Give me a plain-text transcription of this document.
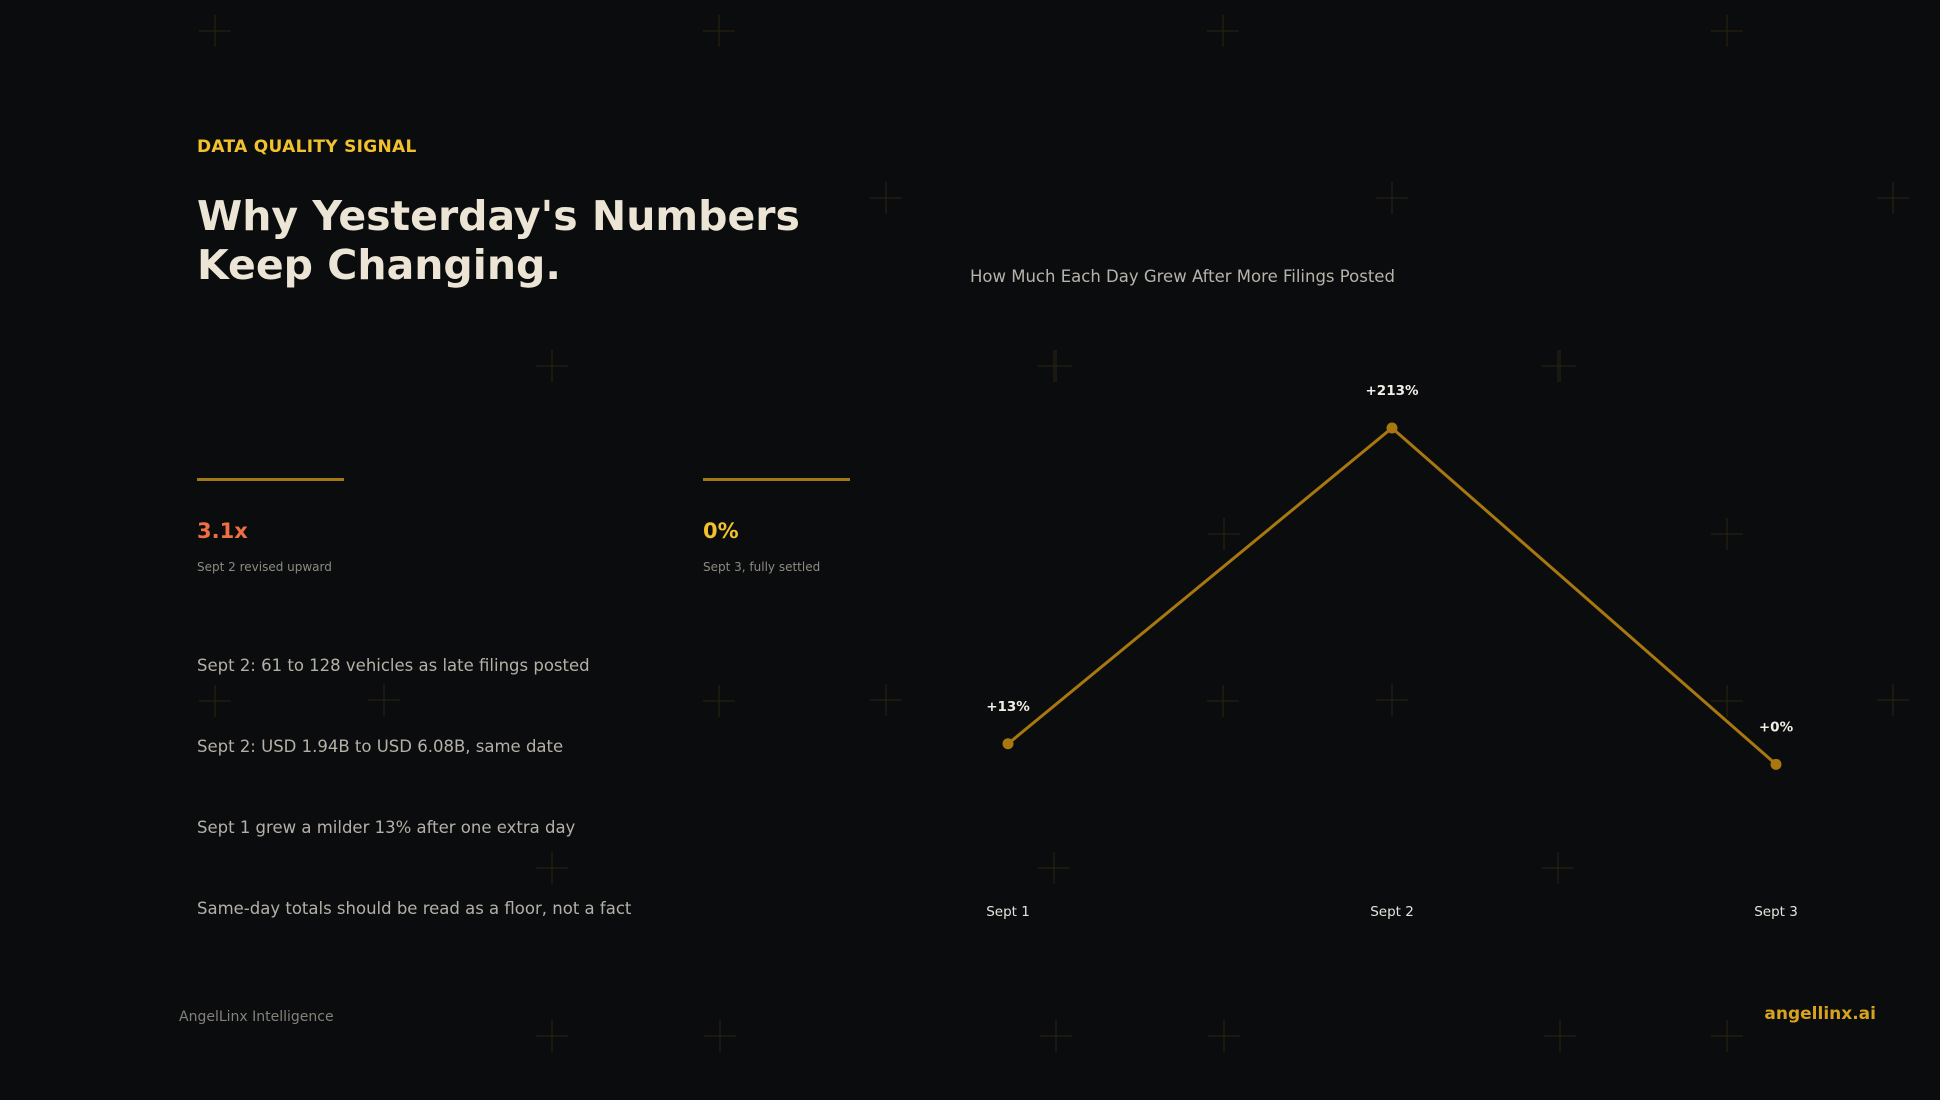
DATA QUALITY SIGNAL
Why Yesterday's Numbers
Keep Changing.
3.1x
Sept 2 revised upward
0%
Sept 3, fully settled
Sept 2: 61 to 128 vehicles as late filings posted
Sept 2: USD 1.94B to USD 6.08B, same date
Sept 1 grew a milder 13% after one extra day
Same-day totals should be read as a floor, not a fact
How Much Each Day Grew After More Filings Posted
+13%
Sept 1
+213%
Sept 2
+0%
Sept 3
AngelLinx Intelligence	angellinx.ai
